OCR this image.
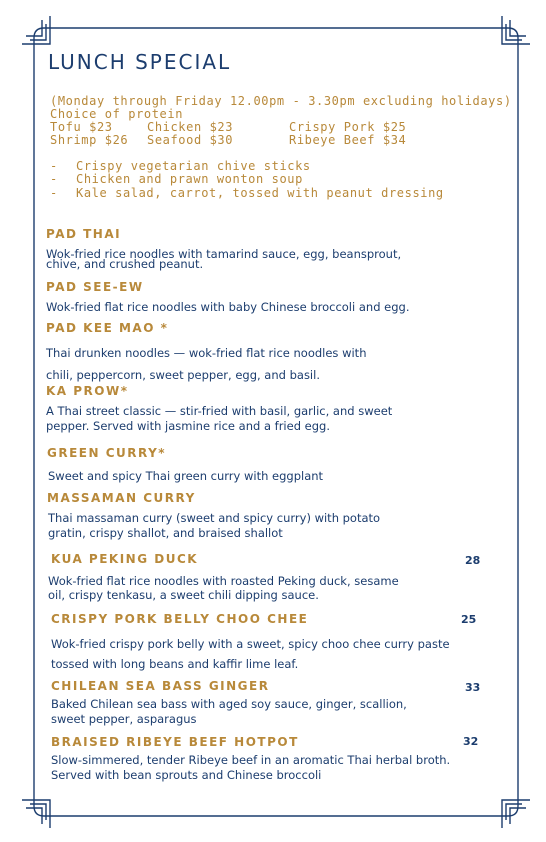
LUNCH SPECIAL
(Monday through Friday 12.00pm - 3.30pm excluding holidays)
Choice of protein
Tofu $23	Chicken $23	Crispy Pork $25
Shrimp $26 Seafood $30	Ribeye Beef $34
- Crispy vegetarian chive sticks
- Chicken and prawn wonton soup
- Kale salad, carrot, tossed with peanut dressing
PAD THAI
Wok-fried rice noodles with tamarind sauce, egg, beansprout,
chive, and crushed peanut.
PAD SEE-EW
Wok-fried flat rice noodles with baby Chinese broccoli and egg.
PAD KEE MAO *
Thai drunken noodles — wok-fried flat rice noodles with
chili, peppercorn, sweet pepper, egg, and basil.
KA PROW*
A Thai street classic — stir-fried with basil, garlic, and sweet
pepper. Served with jasmine rice and a fried egg.
GREEN CURRY*
Sweet and spicy Thai green curry with eggplant
MASSAMAN CURRY
Thai massaman curry (sweet and spicy curry) with potato
gratin, crispy shallot, and braised shallot
KUA PEKING DUCK	28
Wok-fried flat rice noodles with roasted Peking duck, sesame
oil, crispy tenkasu, a sweet chili dipping sauce.
CRISPY PORK BELLY CHOO CHEE	25
Wok-fried crispy pork belly with a sweet, spicy choo chee curry paste
tossed with long beans and kaffir lime leaf.
CHILEAN SEA BASS GINGER	33
Baked Chilean sea bass with aged soy sauce, ginger, scallion,
sweet pepper, asparagus
BRAISED RIBEYE BEEF HOTPOT	32
Slow-simmered, tender Ribeye beef in an aromatic Thai herbal broth.
Served with bean sprouts and Chinese broccoli
